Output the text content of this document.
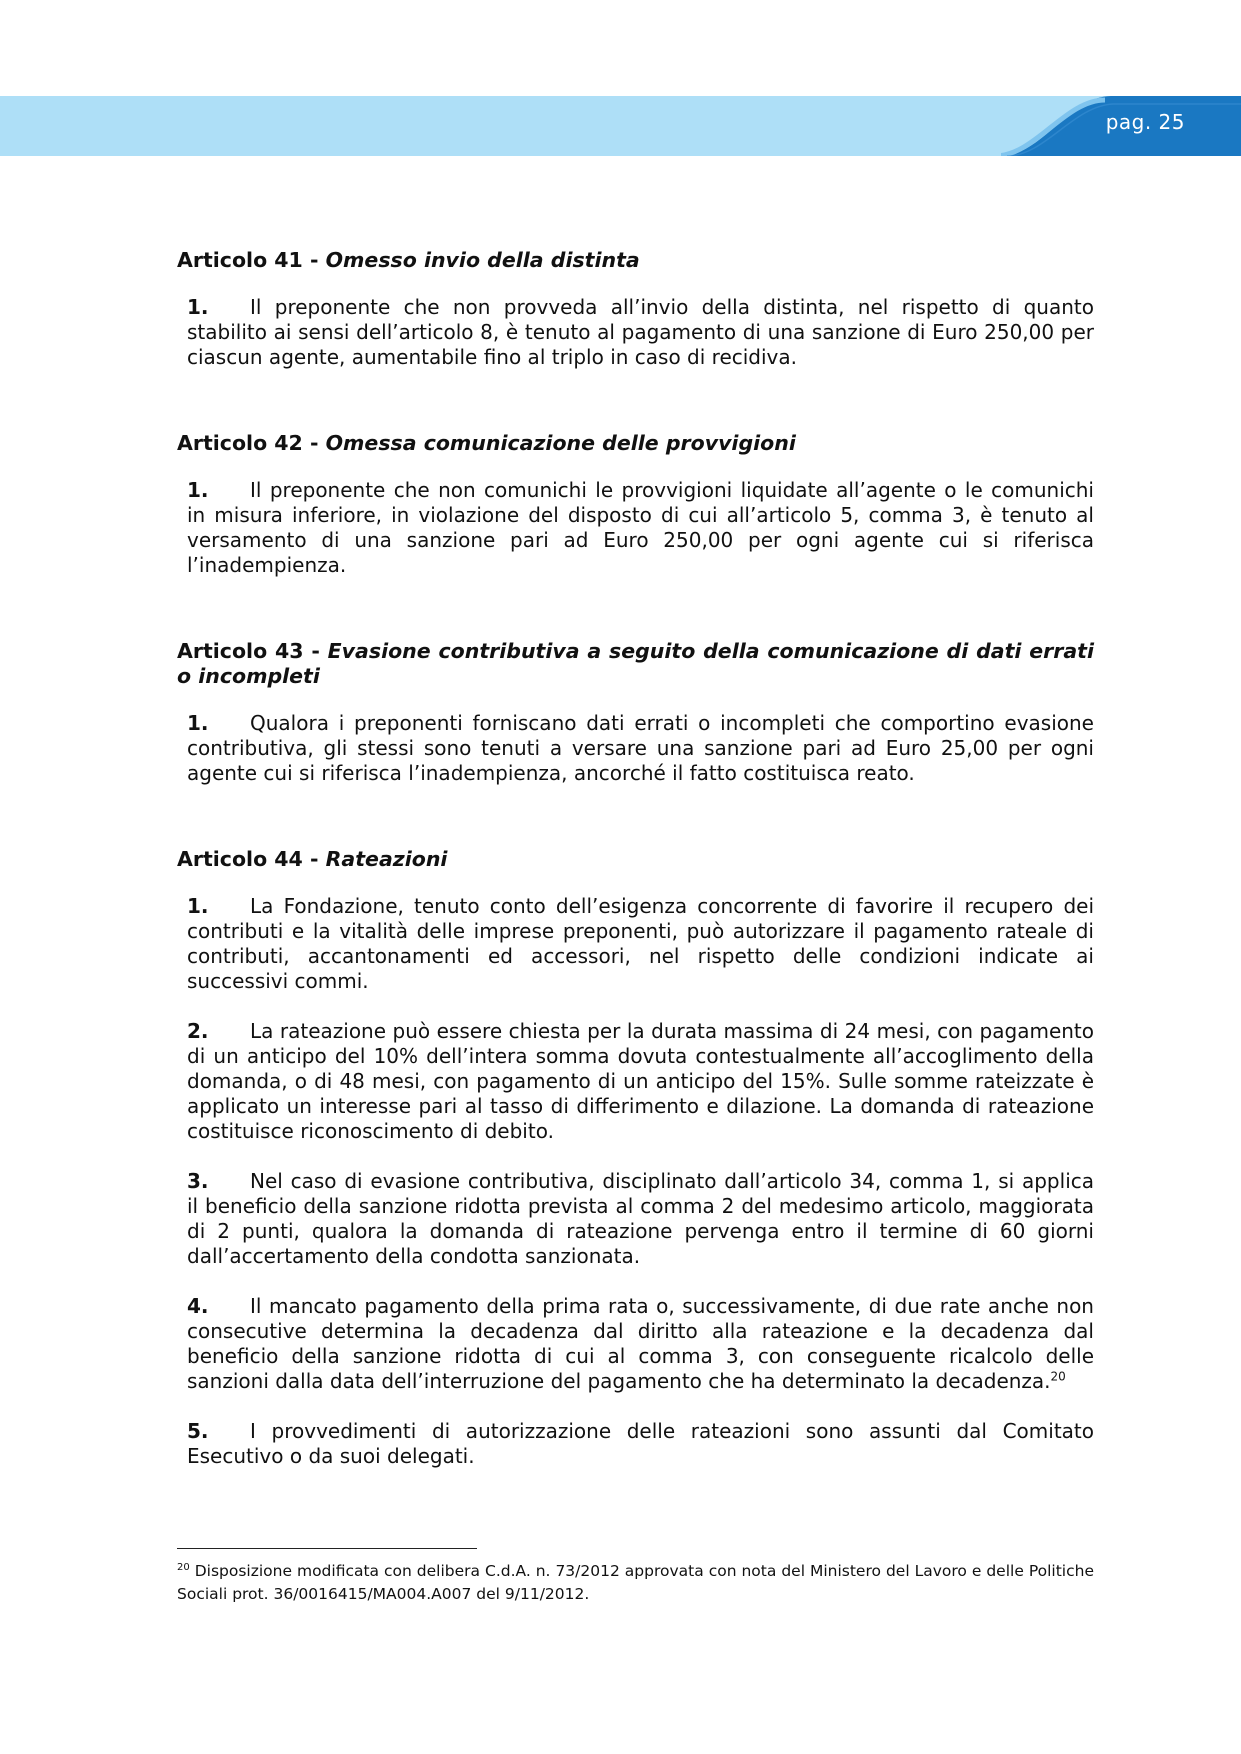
pag. 25

Articolo 41 - Omesso invio della distinta

1. Il preponente che non provveda all’invio della distinta, nel rispetto di quanto stabilito ai sensi dell’articolo 8, è tenuto al pagamento di una sanzione di Euro 250,00 per ciascun agente, aumentabile fino al triplo in caso di recidiva.

Articolo 42 - Omessa comunicazione delle provvigioni

1. Il preponente che non comunichi le provvigioni liquidate all’agente o le comunichi in misura inferiore, in violazione del disposto di cui all’articolo 5, comma 3, è tenuto al versamento di una sanzione pari ad Euro 250,00 per ogni agente cui si riferisca l’inadempienza.

Articolo 43 - Evasione contributiva a seguito della comunicazione di dati errati o incompleti

1. Qualora i preponenti forniscano dati errati o incompleti che comportino evasione contributiva, gli stessi sono tenuti a versare una sanzione pari ad Euro 25,00 per ogni agente cui si riferisca l’inadempienza, ancorché il fatto costituisca reato.

Articolo 44 - Rateazioni

1. La Fondazione, tenuto conto dell’esigenza concorrente di favorire il recupero dei contributi e la vitalità delle imprese preponenti, può autorizzare il pagamento rateale di contributi, accantonamenti ed accessori, nel rispetto delle condizioni indicate ai successivi commi.

2. La rateazione può essere chiesta per la durata massima di 24 mesi, con pagamento di un anticipo del 10% dell’intera somma dovuta contestualmente all’accoglimento della domanda, o di 48 mesi, con pagamento di un anticipo del 15%. Sulle somme rateizzate è applicato un interesse pari al tasso di differimento e dilazione. La domanda di rateazione costituisce riconoscimento di debito.

3. Nel caso di evasione contributiva, disciplinato dall’articolo 34, comma 1, si applica il beneficio della sanzione ridotta prevista al comma 2 del medesimo articolo, maggiorata di 2 punti, qualora la domanda di rateazione pervenga entro il termine di 60 giorni dall’accertamento della condotta sanzionata.

4. Il mancato pagamento della prima rata o, successivamente, di due rate anche non consecutive determina la decadenza dal diritto alla rateazione e la decadenza dal beneficio della sanzione ridotta di cui al comma 3, con conseguente ricalcolo delle sanzioni dalla data dell’interruzione del pagamento che ha determinato la decadenza.$^{20}$

5. I provvedimenti di autorizzazione delle rateazioni sono assunti dal Comitato Esecutivo o da suoi delegati.

$^{20}$ Disposizione modificata con delibera C.d.A. n. 73/2012 approvata con nota del Ministero del Lavoro e delle Politiche Sociali prot. 36/0016415/MA004.A007 del 9/11/2012.
